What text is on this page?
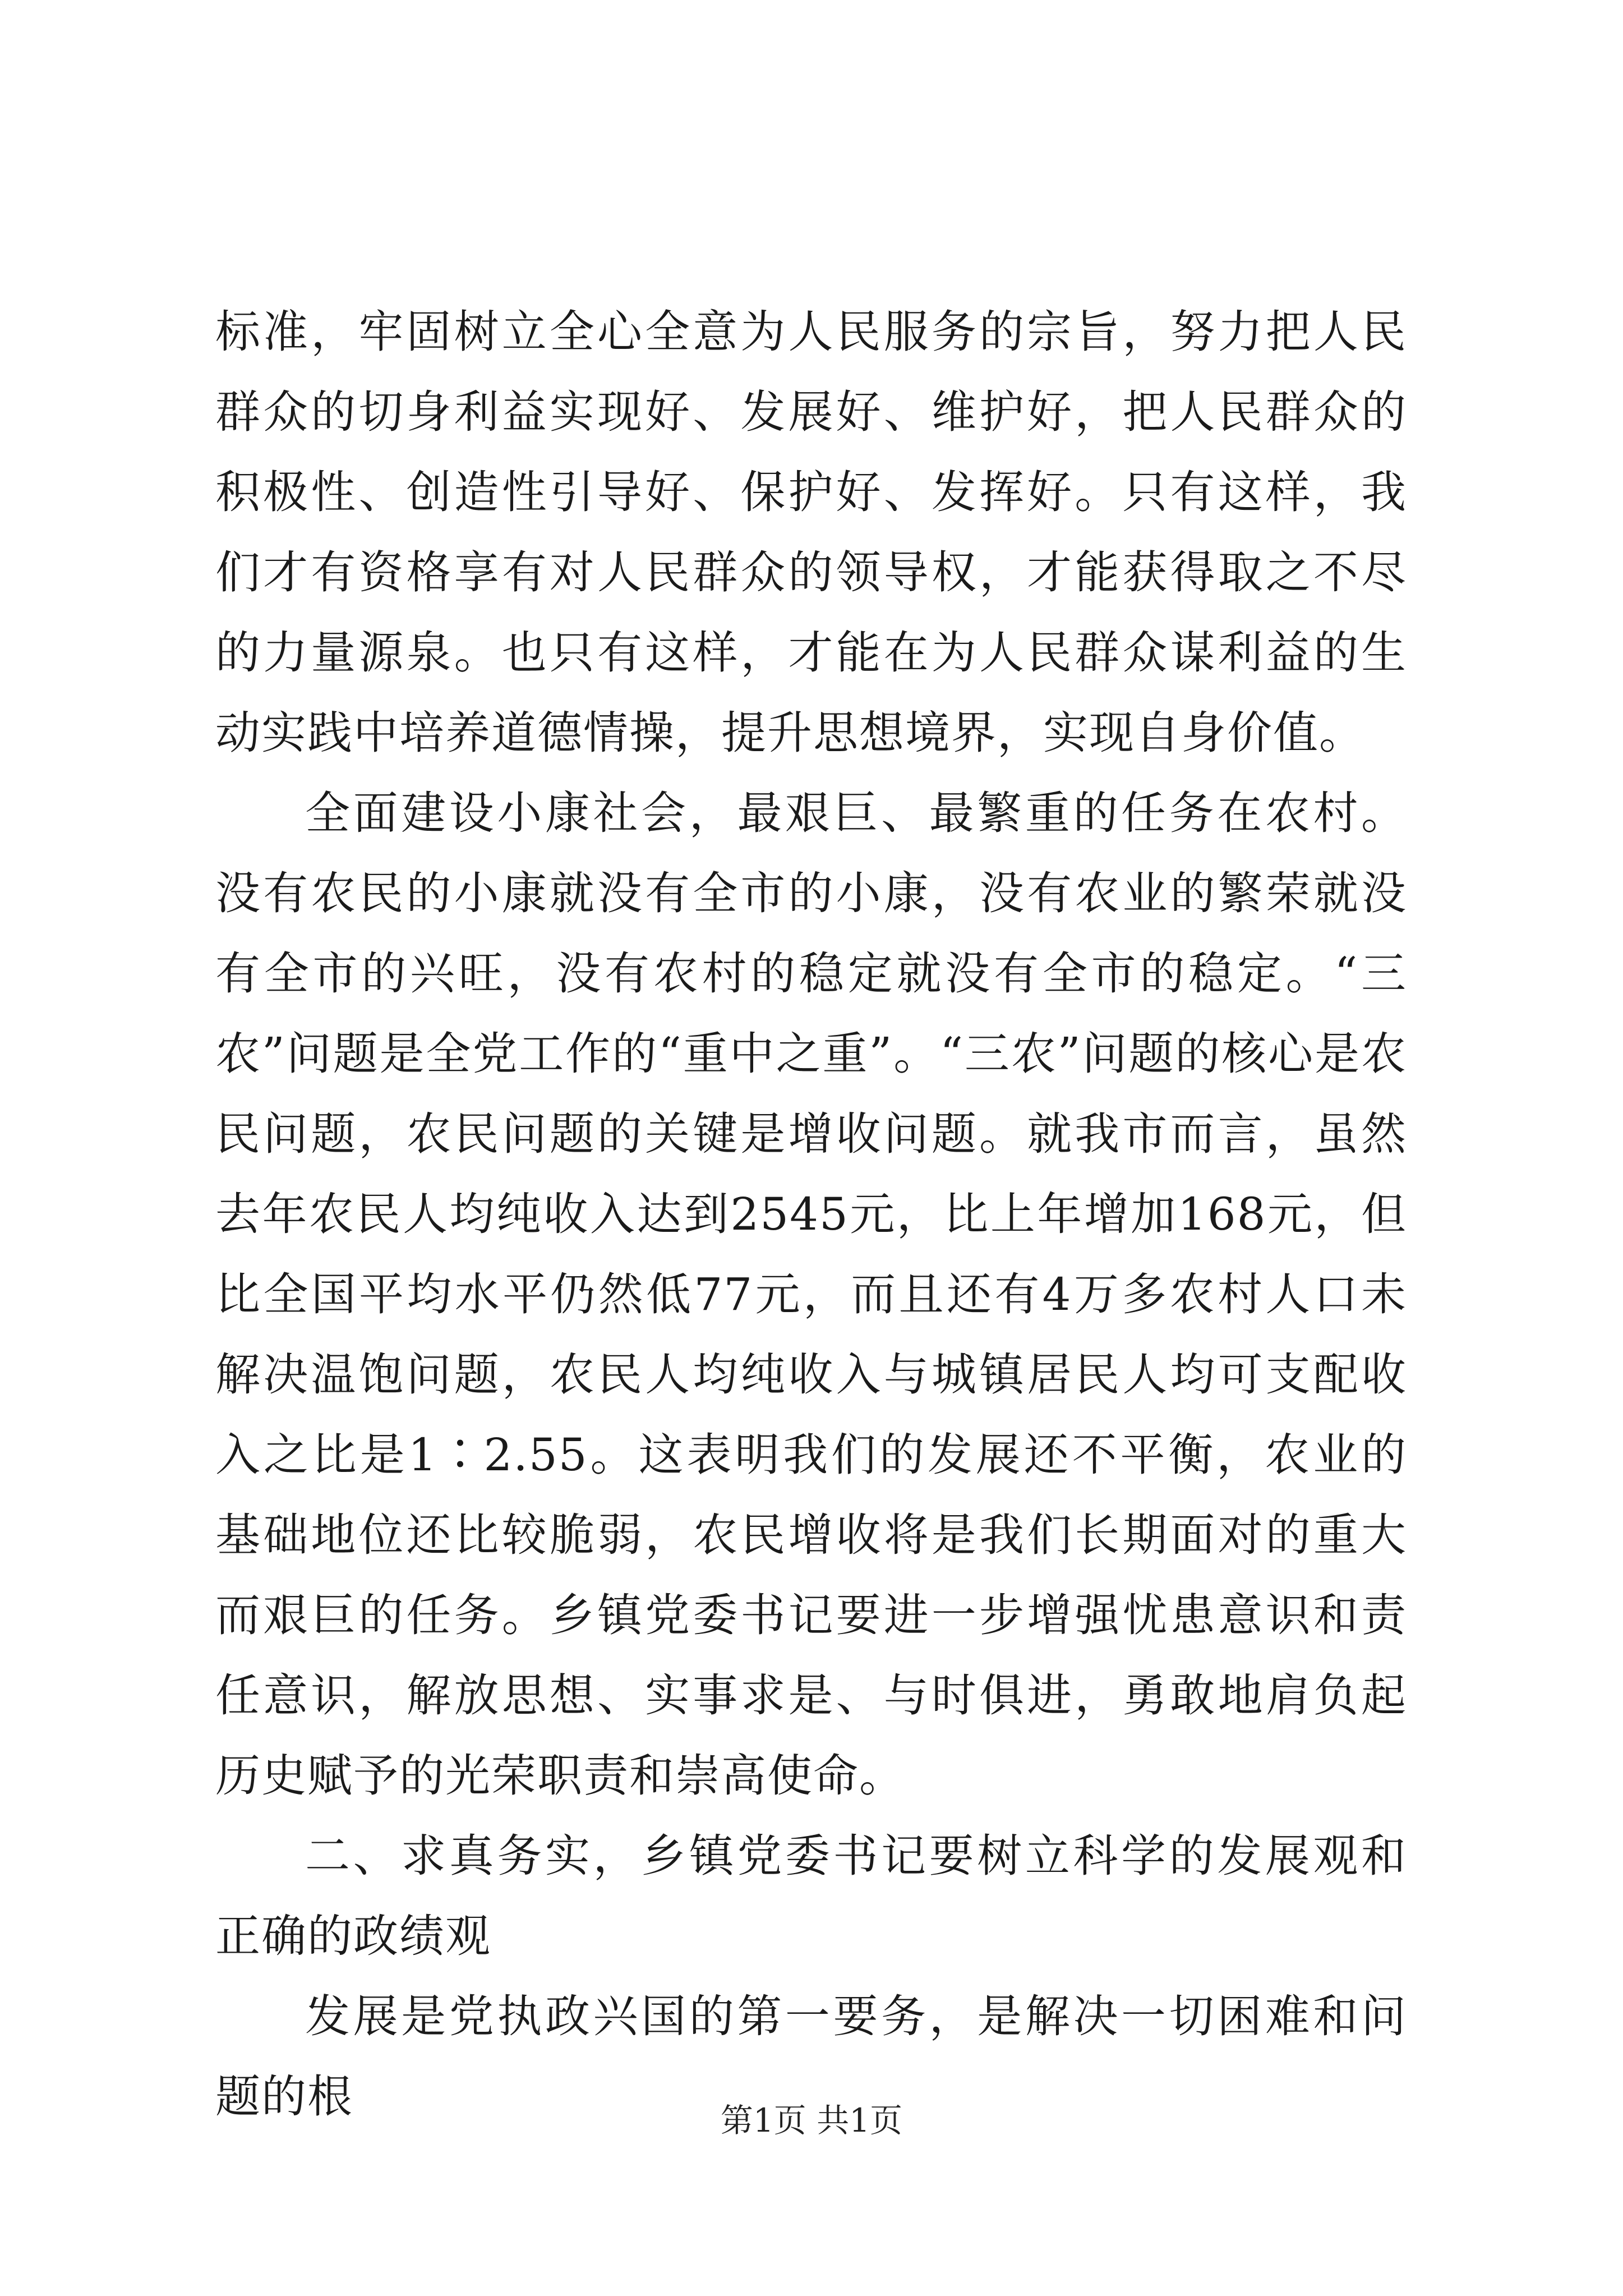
标准，牢固树立全心全意为人民服务的宗旨，努力把人民群众的切身利益实现好、发展好、维护好，把人民群众的积极性、创造性引导好、保护好、发挥好。只有这样，我们才有资格享有对人民群众的领导权，才能获得取之不尽的力量源泉。也只有这样，才能在为人民群众谋利益的生动实践中培养道德情操，提升思想境界，实现自身价值。

全面建设小康社会，最艰巨、最繁重的任务在农村。没有农民的小康就没有全市的小康，没有农业的繁荣就没有全市的兴旺，没有农村的稳定就没有全市的稳定。“三农”问题是全党工作的“重中之重”。“三农”问题的核心是农民问题，农民问题的关键是增收问题。就我市而言，虽然去年农民人均纯收入达到2545元，比上年增加168元，但比全国平均水平仍然低77元，而且还有4万多农村人口未解决温饱问题，农民人均纯收入与城镇居民人均可支配收入之比是1∶2.55。这表明我们的发展还不平衡，农业的基础地位还比较脆弱，农民增收将是我们长期面对的重大而艰巨的任务。乡镇党委书记要进一步增强忧患意识和责任意识，解放思想、实事求是、与时俱进，勇敢地肩负起历史赋予的光荣职责和崇高使命。

二、求真务实，乡镇党委书记要树立科学的发展观和正确的政绩观

发展是党执政兴国的第一要务，是解决一切困难和问题的根	第1页 共1页
